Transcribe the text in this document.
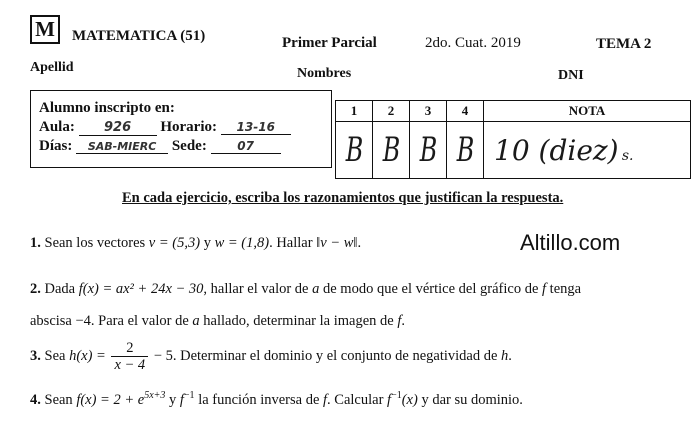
M	MATEMATICA (51)	Primer Parcial	2do. Cuat. 2019	TEMA 2
Apellid	Nombres	DNI
Alumno inscripto en:
Aula: 926 Horario: 13-16
Días: SAB-MIERC Sede:	07
1	2	3	4	NOTA
B	B	B	B	10 (diez) s.
En cada ejercicio, escriba los razonamientos que justifican la respuesta.
Altillo.com
1. Sean los vectores v = (5,3) y w = (1,8). Hallar ‖v − w‖.
2. Dada f(x) = ax² + 24x − 30, hallar el valor de a de modo que el vértice del gráfico de f tenga
abscisa −4. Para el valor de a hallado, determinar la imagen de f.
3. Sea $h(x) = \frac{2}{x - 4} - 5$. Determinar el dominio y el conjunto de negatividad de h.
4. Sean $f(x) = 2 + e^{5x+3}$ y $f^{-1}$ la función inversa de f. Calcular $f^{-1}(x)$ y dar su dominio.
